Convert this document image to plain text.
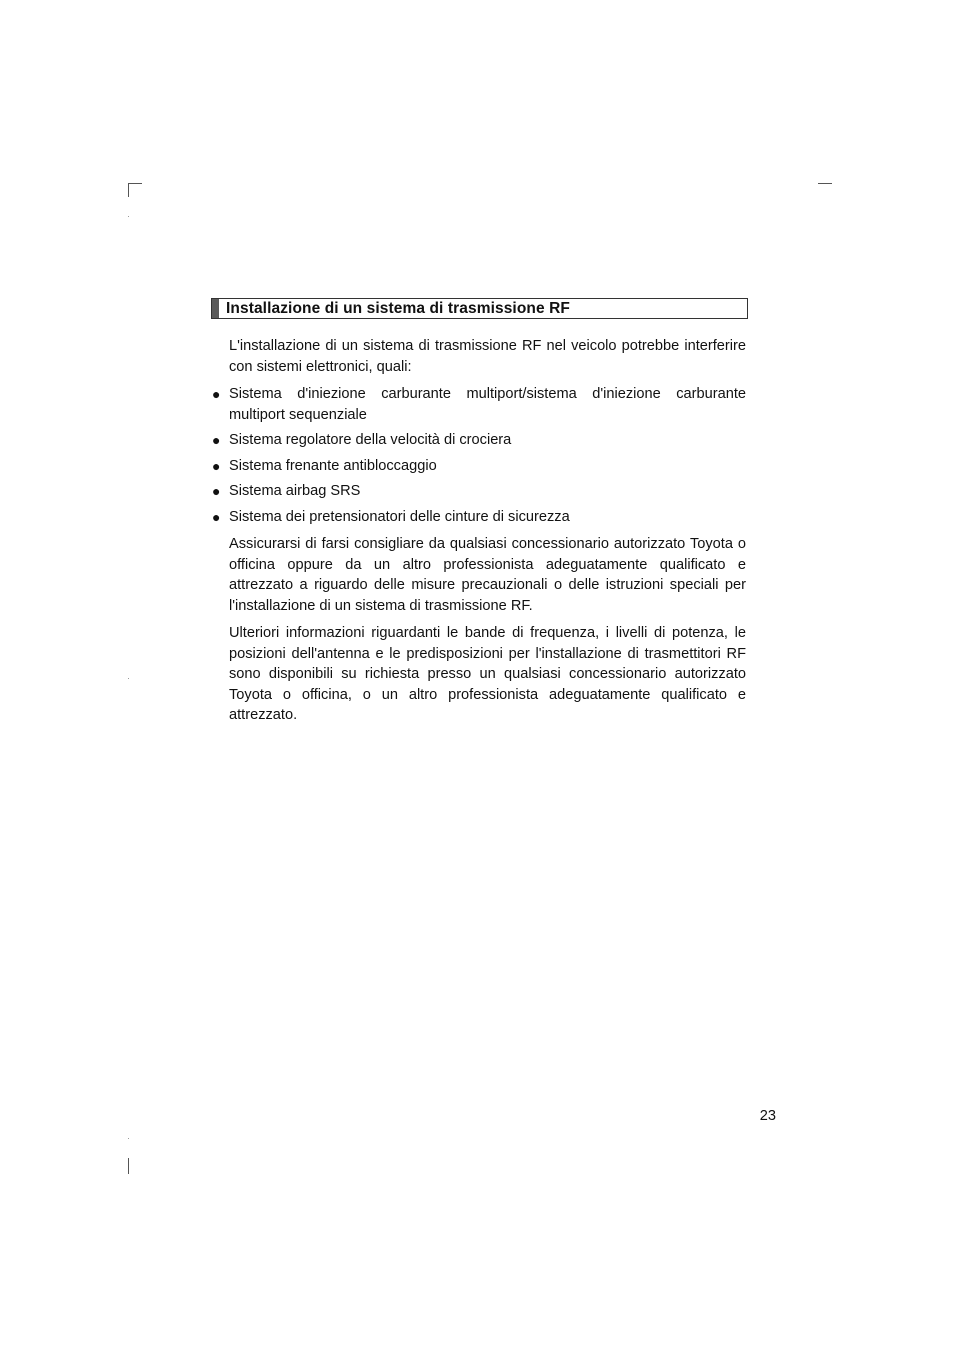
Installazione di un sistema di trasmissione RF

L'installazione di un sistema di trasmissione RF nel veicolo potrebbe interferire con sistemi elettronici, quali:

● Sistema d'iniezione carburante multiport/sistema d'iniezione carburante multiport sequenziale
● Sistema regolatore della velocità di crociera
● Sistema frenante antibloccaggio
● Sistema airbag SRS
● Sistema dei pretensionatori delle cinture di sicurezza

Assicurarsi di farsi consigliare da qualsiasi concessionario autorizzato Toyota o officina oppure da un altro professionista adeguatamente qualificato e attrezzato a riguardo delle misure precauzionali o delle istruzioni speciali per l'installazione di un sistema di trasmissione RF.

Ulteriori informazioni riguardanti le bande di frequenza, i livelli di potenza, le posizioni dell'antenna e le predisposizioni per l'installazione di trasmettitori RF sono disponibili su richiesta presso un qualsiasi concessionario autorizzato Toyota o officina, o un altro professionista adeguatamente qualificato e attrezzato.

23
